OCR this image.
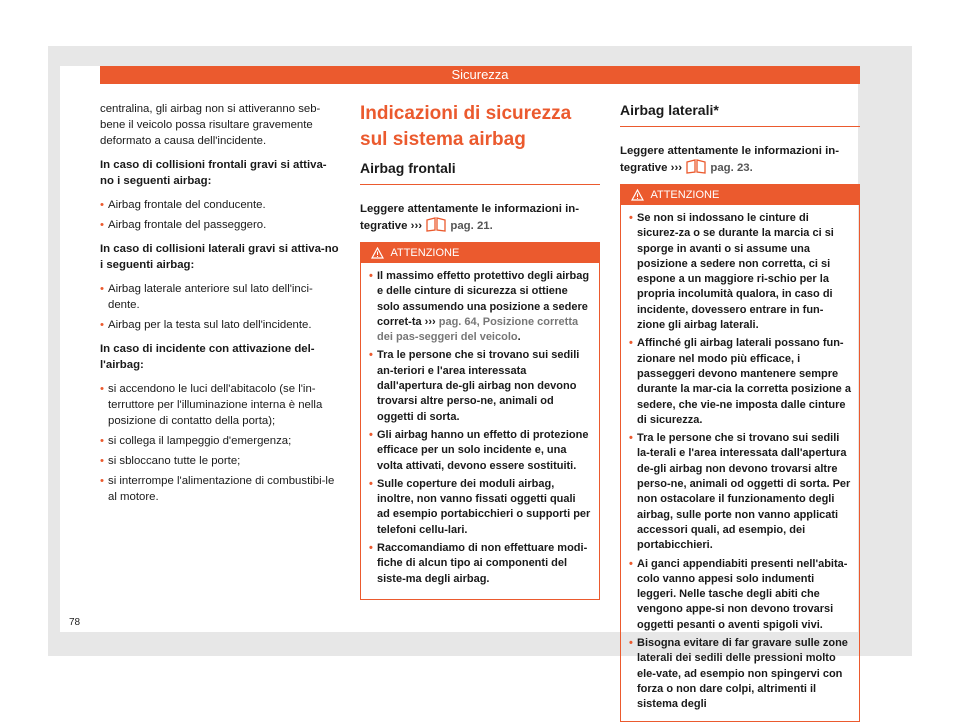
Sicurezza

centralina, gli airbag non si attiveranno seb-bene il veicolo possa risultare gravemente deformato a causa dell'incidente.

In caso di collisioni frontali gravi si attiva-no i seguenti airbag:

• Airbag frontale del conducente.
• Airbag frontale del passeggero.

In caso di collisioni laterali gravi si attiva-no i seguenti airbag:

• Airbag laterale anteriore sul lato dell'inci-dente.
• Airbag per la testa sul lato dell'incidente.

In caso di incidente con attivazione del-l'airbag:

• si accendono le luci dell'abitacolo (se l'in-terruttore per l'illuminazione interna è nella posizione di contatto della porta);
• si collega il lampeggio d'emergenza;
• si sbloccano tutte le porte;
• si interrompe l'alimentazione di combustibi-le al motore.
Indicazioni di sicurezza sul sistema airbag
Airbag frontali

Leggere attentamente le informazioni in-tegrative ››› pag. 21.

ATTENZIONE
• Il massimo effetto protettivo degli airbag e delle cinture di sicurezza si ottiene solo assumendo una posizione a sedere corret-ta ››› pag. 64, Posizione corretta dei pas-seggeri del veicolo.
• Tra le persone che si trovano sui sedili an-teriori e l'area interessata dall'apertura de-gli airbag non devono trovarsi altre perso-ne, animali od oggetti di sorta.
• Gli airbag hanno un effetto di protezione efficace per un solo incidente e, una volta attivati, devono essere sostituiti.
• Sulle coperture dei moduli airbag, inoltre, non vanno fissati oggetti quali ad esempio portabicchieri o supporti per telefoni cellu-lari.
• Raccomandiamo di non effettuare modi-fiche di alcun tipo ai componenti del siste-ma degli airbag.
Airbag laterali*

Leggere attentamente le informazioni in-tegrative ››› pag. 23.

ATTENZIONE
• Se non si indossano le cinture di sicurez-za o se durante la marcia ci si sporge in avanti o si assume una posizione a sedere non corretta, ci si espone a un maggiore ri-schio per la propria incolumità qualora, in caso di incidente, dovessero entrare in fun-zione gli airbag laterali.
• Affinché gli airbag laterali possano fun-zionare nel modo più efficace, i passeggeri devono mantenere sempre durante la mar-cia la corretta posizione a sedere, che vie-ne imposta dalle cinture di sicurezza.
• Tra le persone che si trovano sui sedili la-terali e l'area interessata dall'apertura de-gli airbag non devono trovarsi altre perso-ne, animali od oggetti di sorta. Per non ostacolare il funzionamento degli airbag, sulle porte non vanno applicati accessori quali, ad esempio, dei portabicchieri.
• Ai ganci appendiabiti presenti nell'abita-colo vanno appesi solo indumenti leggeri. Nelle tasche degli abiti che vengono appe-si non devono trovarsi oggetti pesanti o aventi spigoli vivi.
• Bisogna evitare di far gravare sulle zone laterali dei sedili delle pressioni molto ele-vate, ad esempio non spingervi con forza o non dare colpi, altrimenti il sistema degli
78
